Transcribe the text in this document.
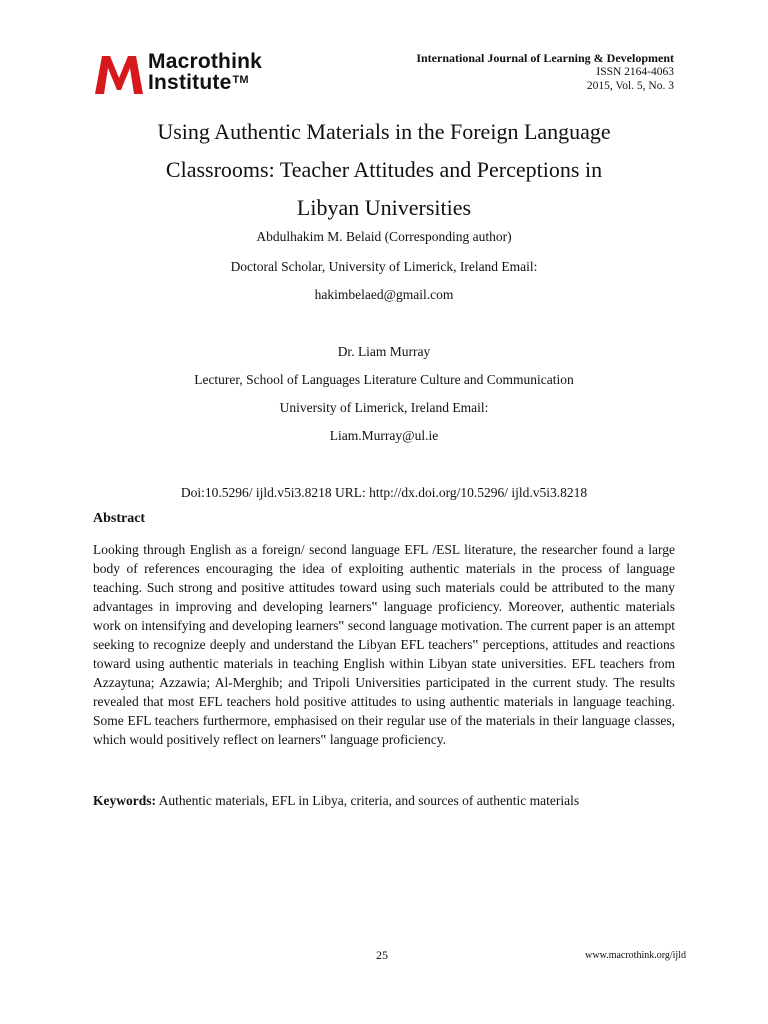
Macrothink
Institute™
International Journal of Learning & Development
ISSN 2164-4063
2015, Vol. 5, No. 3
Using Authentic Materials in the Foreign Language
Classrooms: Teacher Attitudes and Perceptions in
Libyan Universities
Abdulhakim M. Belaid (Corresponding author)
Doctoral Scholar, University of Limerick, Ireland Email:
hakimbelaed@gmail.com
Dr. Liam Murray
Lecturer, School of Languages Literature Culture and Communication
University of Limerick, Ireland Email:
Liam.Murray@ul.ie
Doi:10.5296/ ijld.v5i3.8218 URL: http://dx.doi.org/10.5296/ ijld.v5i3.8218
Abstract

Looking through English as a foreign/ second language EFL /ESL literature, the researcher found a large body of references encouraging the idea of exploiting authentic materials in the process of language teaching. Such strong and positive attitudes toward using such materials could be attributed to the many advantages in improving and developing learners‟ language proficiency. Moreover, authentic materials work on intensifying and developing learners‟ second language motivation. The current paper is an attempt seeking to recognize deeply and understand the Libyan EFL teachers‟ perceptions, attitudes and reactions toward using authentic materials in teaching English within Libyan state universities. EFL teachers from Azzaytuna; Azzawia; Al-Merghib; and Tripoli Universities participated in the current study. The results revealed that most EFL teachers hold positive attitudes to using authentic materials in language teaching. Some EFL teachers furthermore, emphasised on their regular use of the materials in their language classes, which would positively reflect on learners‟ language proficiency.

Keywords: Authentic materials, EFL in Libya, criteria, and sources of authentic materials
25	www.macrothink.org/ijld
